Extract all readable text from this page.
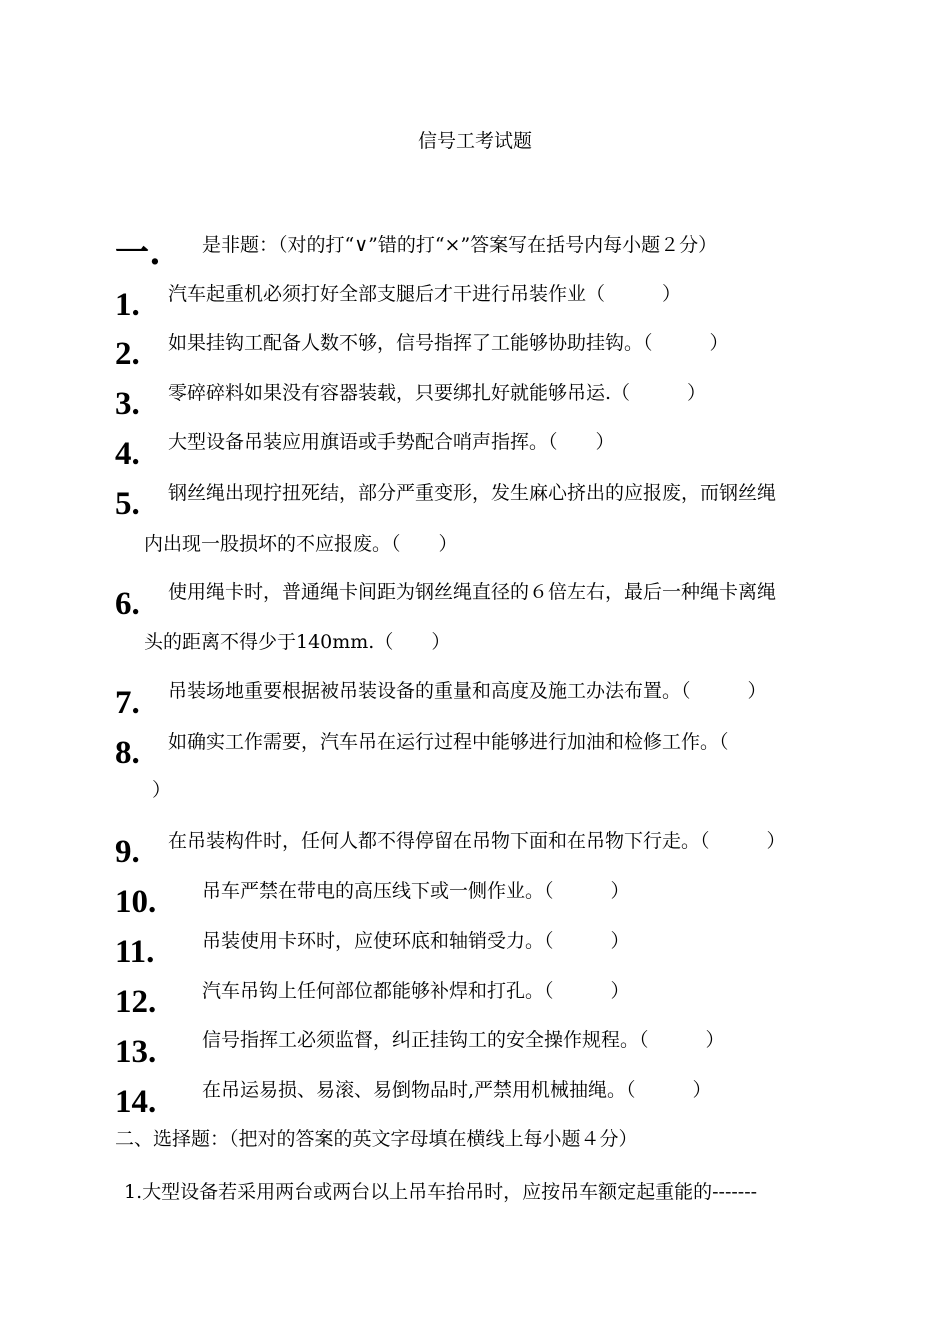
信号工考试题
一. 是非题：（对的打“∨”错的打“×”答案写在括号内每小题２分）
1. 汽车起重机必须打好全部支腿后才干进行吊装作业（　　　）
2. 如果挂钩工配备人数不够，信号指挥了工能够协助挂钩。（　　　）
3. 零碎碎料如果没有容器装载，只要绑扎好就能够吊运.（　　　）
4. 大型设备吊装应用旗语或手势配合哨声指挥。（　　）
5. 钢丝绳出现拧扭死结，部分严重变形，发生麻心挤出的应报废，而钢丝绳
内出现一股损坏的不应报废。（　　）
6. 使用绳卡时，普通绳卡间距为钢丝绳直径的６倍左右，最后一种绳卡离绳
头的距离不得少于140mm.（　　）
7. 吊装场地重要根据被吊装设备的重量和高度及施工办法布置。（　　　）
8. 如确实工作需要，汽车吊在运行过程中能够进行加油和检修工作。（
）
9. 在吊装构件时，任何人都不得停留在吊物下面和在吊物下行走。（　　　）
10. 吊车严禁在带电的高压线下或一侧作业。（　　　）
11.	吊装使用卡环时，应使环底和轴销受力。（　　　）
12. 汽车吊钩上任何部位都能够补焊和打孔。（　　　）
13. 信号指挥工必须监督，纠正挂钩工的安全操作规程。（　　　）
14. 在吊运易损、易滚、易倒物品时,严禁用机械抽绳。（　　　）
二、选择题：（把对的答案的英文字母填在横线上每小题４分）
1.大型设备若采用两台或两台以上吊车抬吊时，应按吊车额定起重能的-------
